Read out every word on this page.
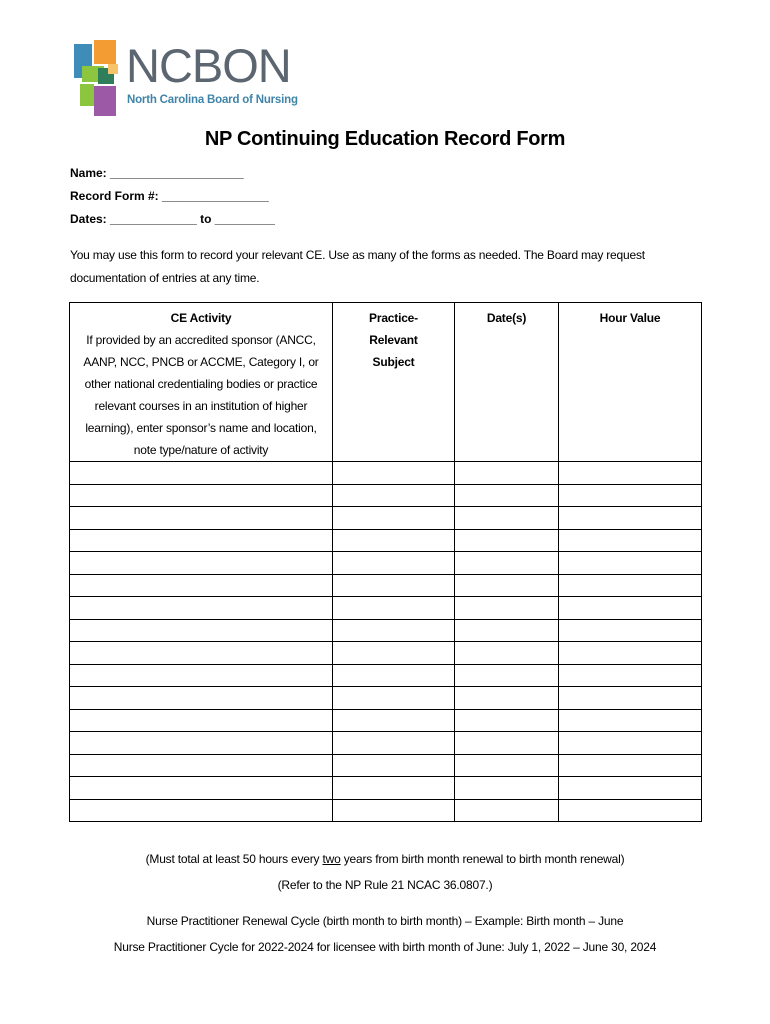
NCBON
North Carolina Board of Nursing
NP Continuing Education Record Form
Name: ____________________
Record Form #: ________________
Dates: _____________ to _________
You may use this form to record your relevant CE. Use as many of the forms as needed. The Board may request documentation of entries at any time.
CE Activity
If provided by an accredited sponsor (ANCC, AANP, NCC, PNCB or ACCME, Category I, or other national credentialing bodies or practice relevant courses in an institution of higher learning), enter sponsor’s name and location, note type/nature of activity	Practice-Relevant Subject	Date(s)	Hour Value

(Must total at least 50 hours every two years from birth month renewal to birth month renewal)
(Refer to the NP Rule 21 NCAC 36.0807.)
Nurse Practitioner Renewal Cycle (birth month to birth month) – Example: Birth month – June
Nurse Practitioner Cycle for 2022-2024 for licensee with birth month of June: July 1, 2022 – June 30, 2024
